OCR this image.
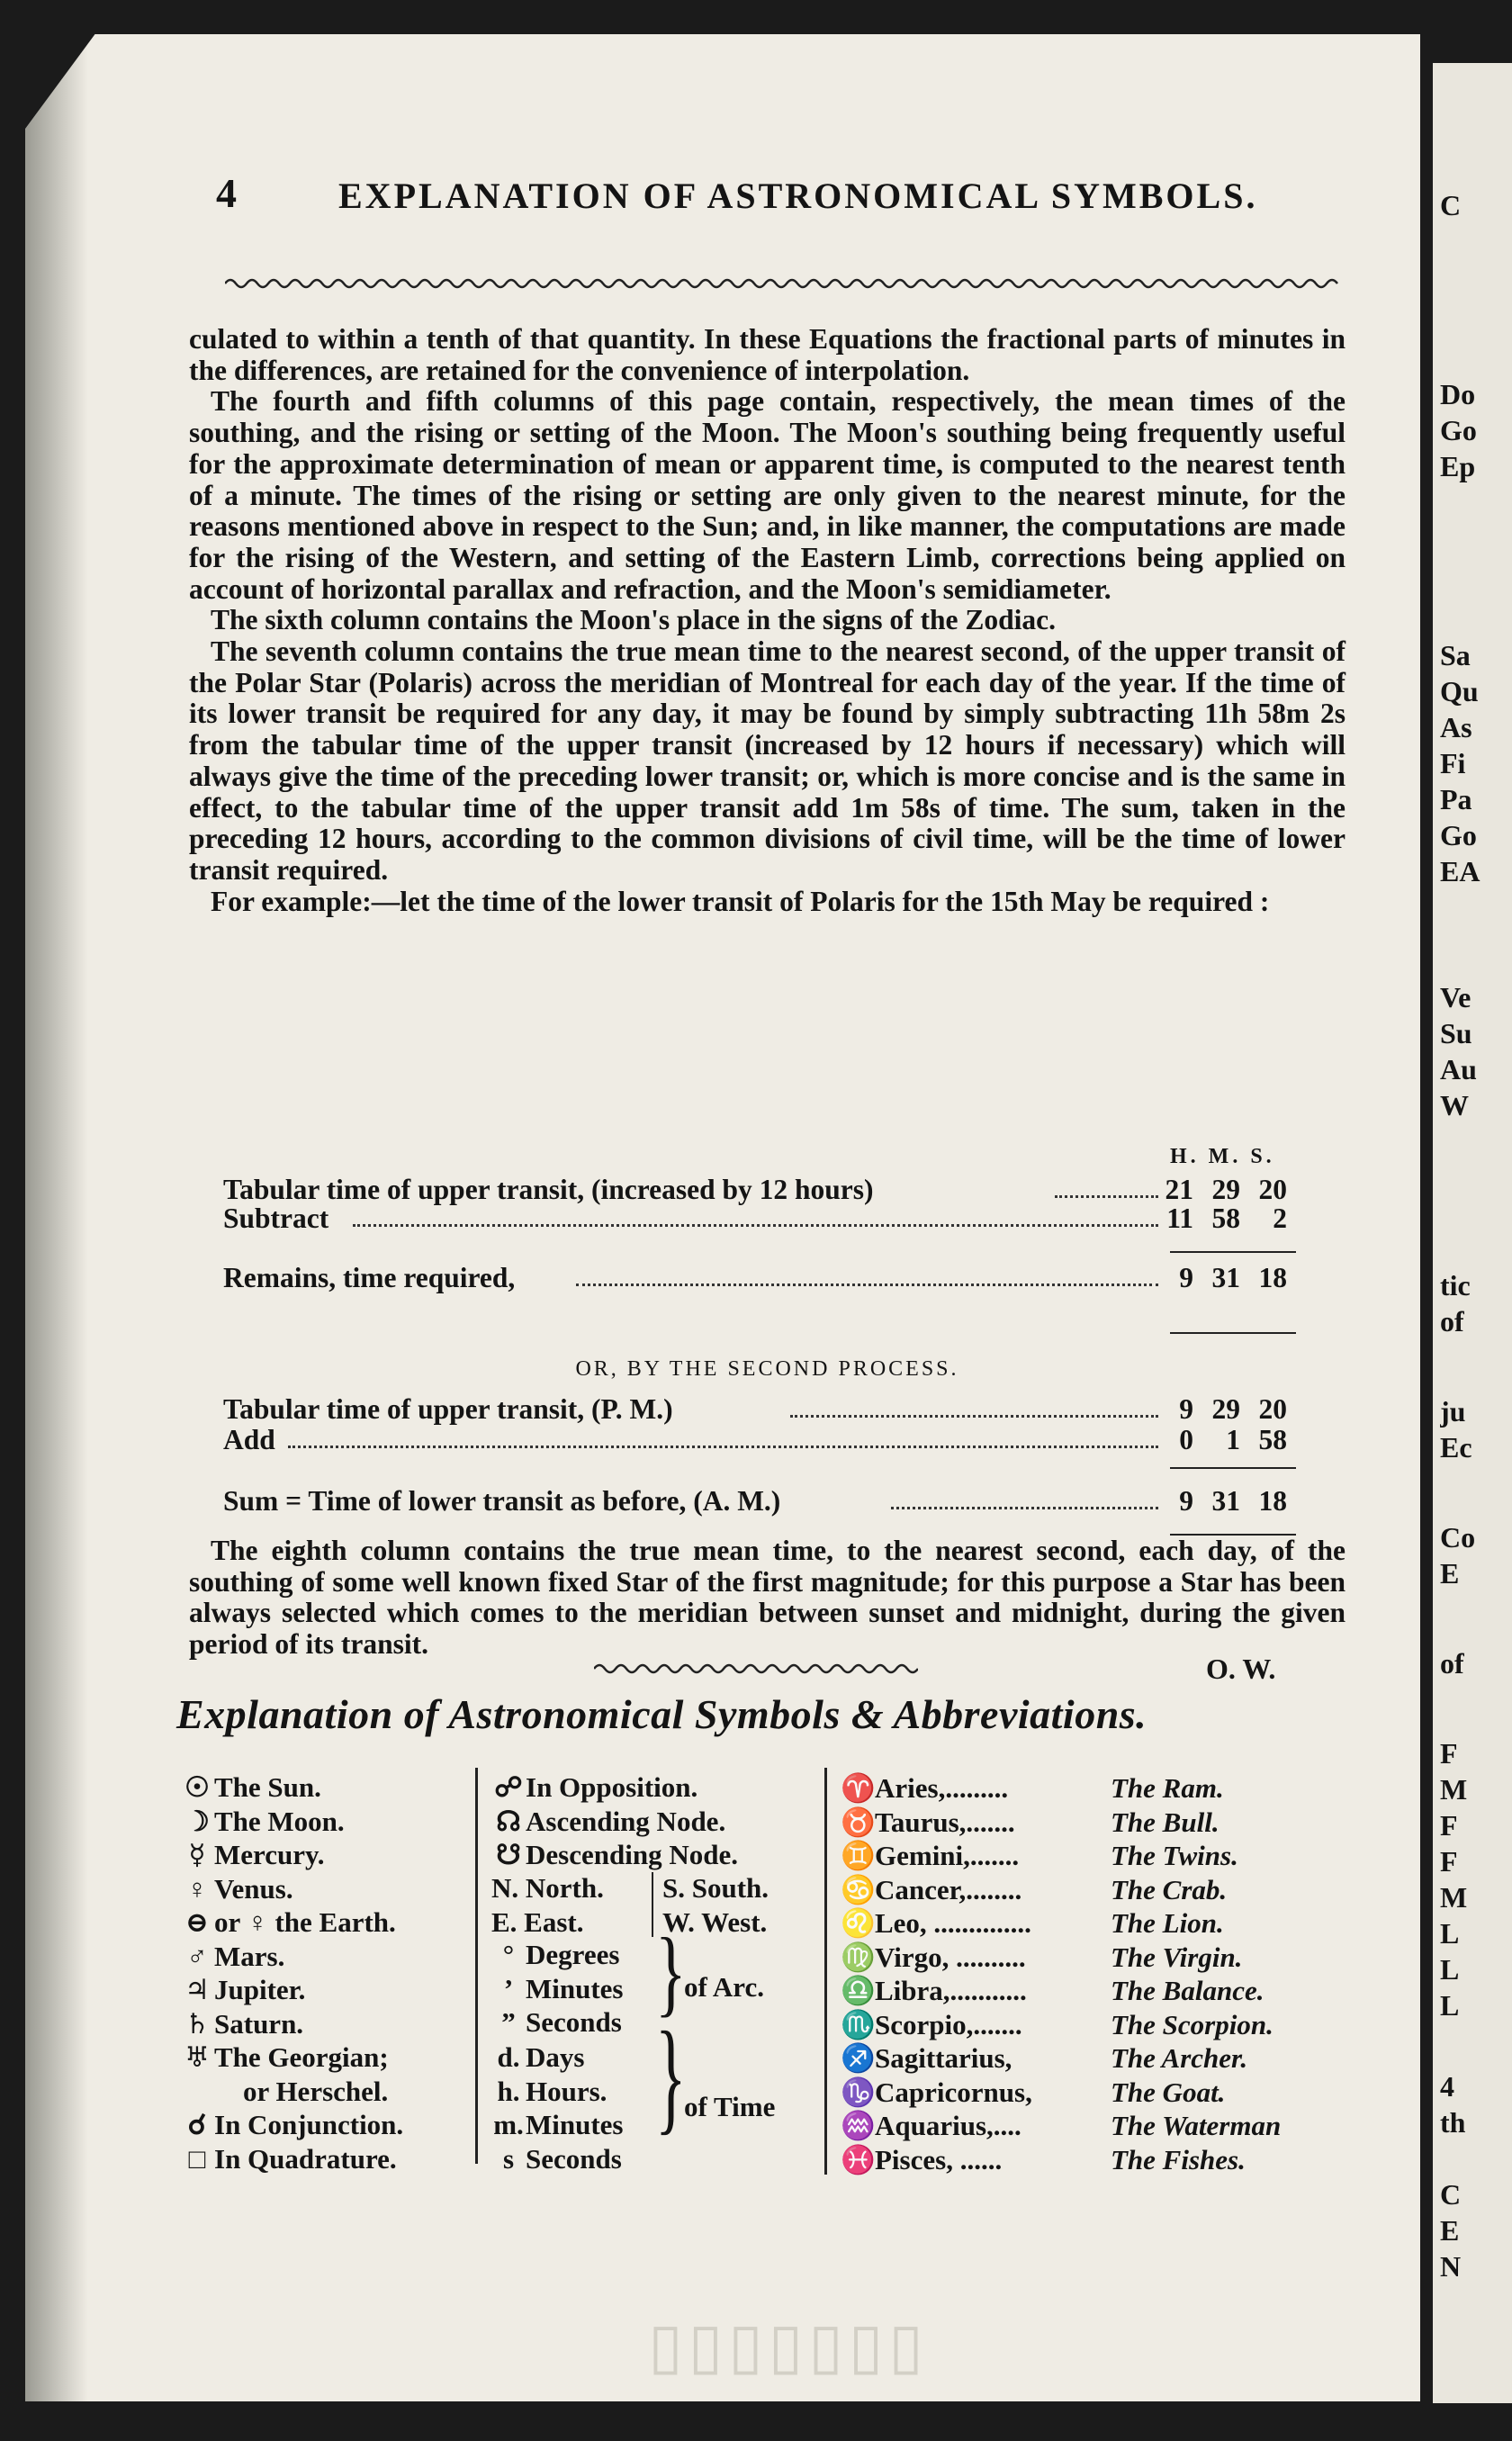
C
Do
Go
Ep
Sa
Qu
As
Fi
Pa
Go
EA
Ve
Su
Au
W
tic
of
ju
Ec
Co
E
of
F
M
F
F
M
L
L
L
4
th
C
E
N
4	EXPLANATION OF ASTRONOMICAL SYMBOLS.

culated to within a tenth of that quantity. In these Equations the fractional parts of minutes in the differences, are retained for the convenience of interpolation.

The fourth and fifth columns of this page contain, respectively, the mean times of the southing, and the rising or setting of the Moon. The Moon's southing being frequently useful for the approximate determination of mean or apparent time, is computed to the nearest tenth of a minute. The times of the rising or setting are only given to the nearest minute, for the reasons mentioned above in respect to the Sun; and, in like manner, the computations are made for the rising of the Western, and setting of the Eastern Limb, corrections being applied on account of horizontal parallax and refraction, and the Moon's semidiameter.

The sixth column contains the Moon's place in the signs of the Zodiac.

The seventh column contains the true mean time to the nearest second, of the upper transit of the Polar Star (Polaris) across the meridian of Montreal for each day of the year. If the time of its lower transit be required for any day, it may be found by simply subtracting 11h 58m 2s from the tabular time of the upper transit (increased by 12 hours if necessary) which will always give the time of the preceding lower transit; or, which is more concise and is the same in effect, to the tabular time of the upper transit add 1m 58s of time. The sum, taken in the preceding 12 hours, according to the common divisions of civil time, will be the time of lower transit required.

For example:—let the time of the lower transit of Polaris for the 15th May be required :

H. M. S.
Tabular time of upper transit, (increased by 12 hours)	21 29 20
Subtract	11 58	2
Remains, time required,	9 31 18
OR, BY THE SECOND PROCESS.
Tabular time of upper transit, (P. M.)	9 29 20
Add	0	1 58
Sum = Time of lower transit as before, (A. M.)	9 31 18

The eighth column contains the true mean time, to the nearest second, each day, of the southing of some well known fixed Star of the first magnitude; for this purpose a Star has been always selected which comes to the meridian between sunset and midnight, during the given period of its transit.

O. W.
Explanation of Astronomical Symbols & Abbreviations.
☉ The Sun.
☽ The Moon.
☿ Mercury.
♀ Venus.
⊖ or ♀ the Earth.
♂ Mars.
♃ Jupiter.
♄ Saturn.
♅ The Georgian;
or Herschel.
☌ In Conjunction.
□ In Quadrature.
☍ In Opposition.
☊ Ascending Node.
☋ Descending Node.
N. North. S. South.
E. East.	W. West.
° Degrees
’ Minutes
” Seconds }
of Arc.
d. Days
h. Hours.
m.Minutes
s Seconds
}
of Time
♈Aries,.........	The Ram.
♉Taurus,.......	The Bull.
♊Gemini,.......	The Twins.
♋Cancer,........	The Crab.
♌Leo, ..............	The Lion.
♍Virgo, ..........	The Virgin.
♎Libra,...........	The Balance.
♏Scorpio,.......	The Scorpion.
♐Sagittarius,	The Archer.
♑Capricornus,	The Goat.
♒Aquarius,....	The Waterman
♓Pisces, ......	The Fishes.
▯▯▯▯▯▯▯
